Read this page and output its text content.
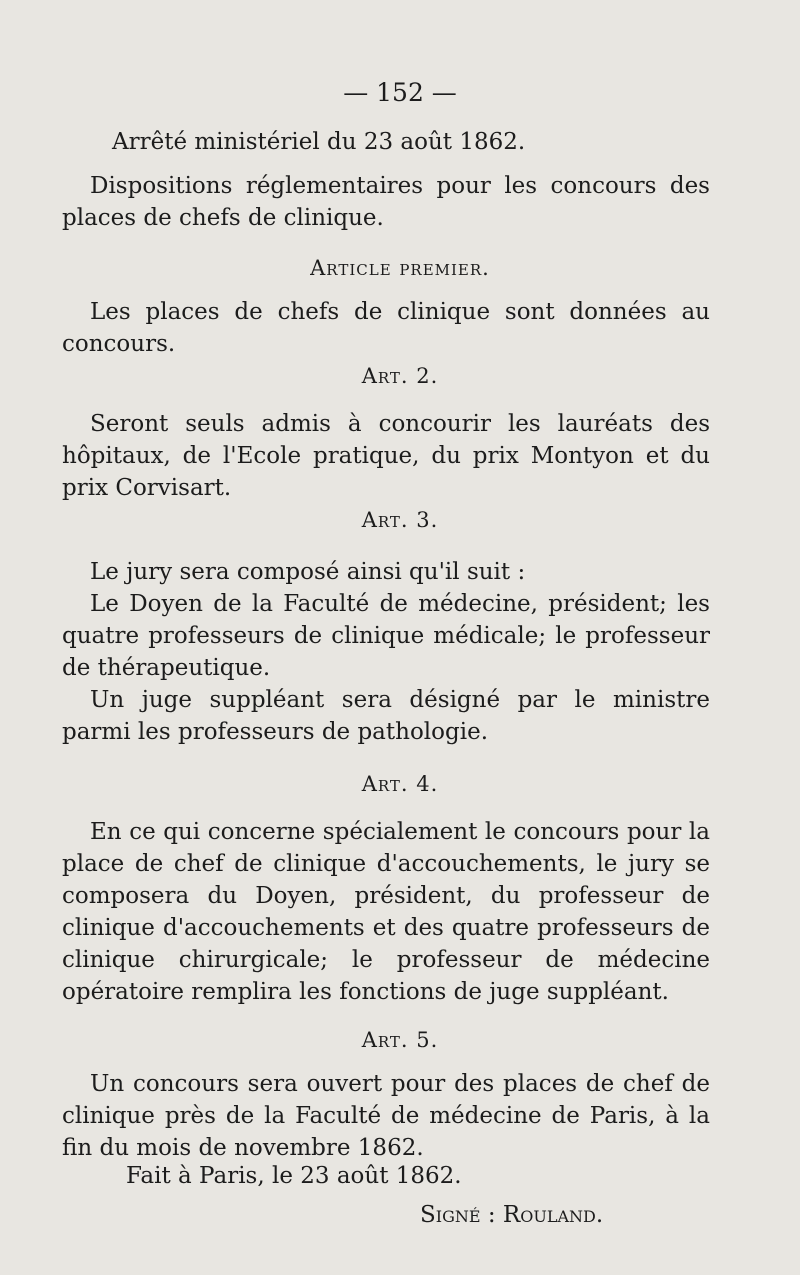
— 152 —

Arrêté ministériel du 23 août 1862.

Dispositions réglementaires pour les concours des places de chefs de clinique.

Article premier.

Les places de chefs de clinique sont données au concours.

Art. 2.

Seront seuls admis à concourir les lauréats des hôpitaux, de l'Ecole pratique, du prix Montyon et du prix Corvisart.

Art. 3.

Le jury sera composé ainsi qu'il suit :

Le Doyen de la Faculté de médecine, président; les quatre professeurs de clinique médicale; le professeur de thérapeutique.

Un juge suppléant sera désigné par le ministre parmi les professeurs de pathologie.

Art. 4.

En ce qui concerne spécialement le concours pour la place de chef de clinique d'accouchements, le jury se composera du Doyen, président, du professeur de clinique d'accouchements et des quatre professeurs de clinique chirurgicale; le professeur de médecine opératoire remplira les fonctions de juge suppléant.

Art. 5.

Un concours sera ouvert pour des places de chef de clinique près de la Faculté de médecine de Paris, à la fin du mois de novembre 1862.

Fait à Paris, le 23 août 1862.

Signé : Rouland.
